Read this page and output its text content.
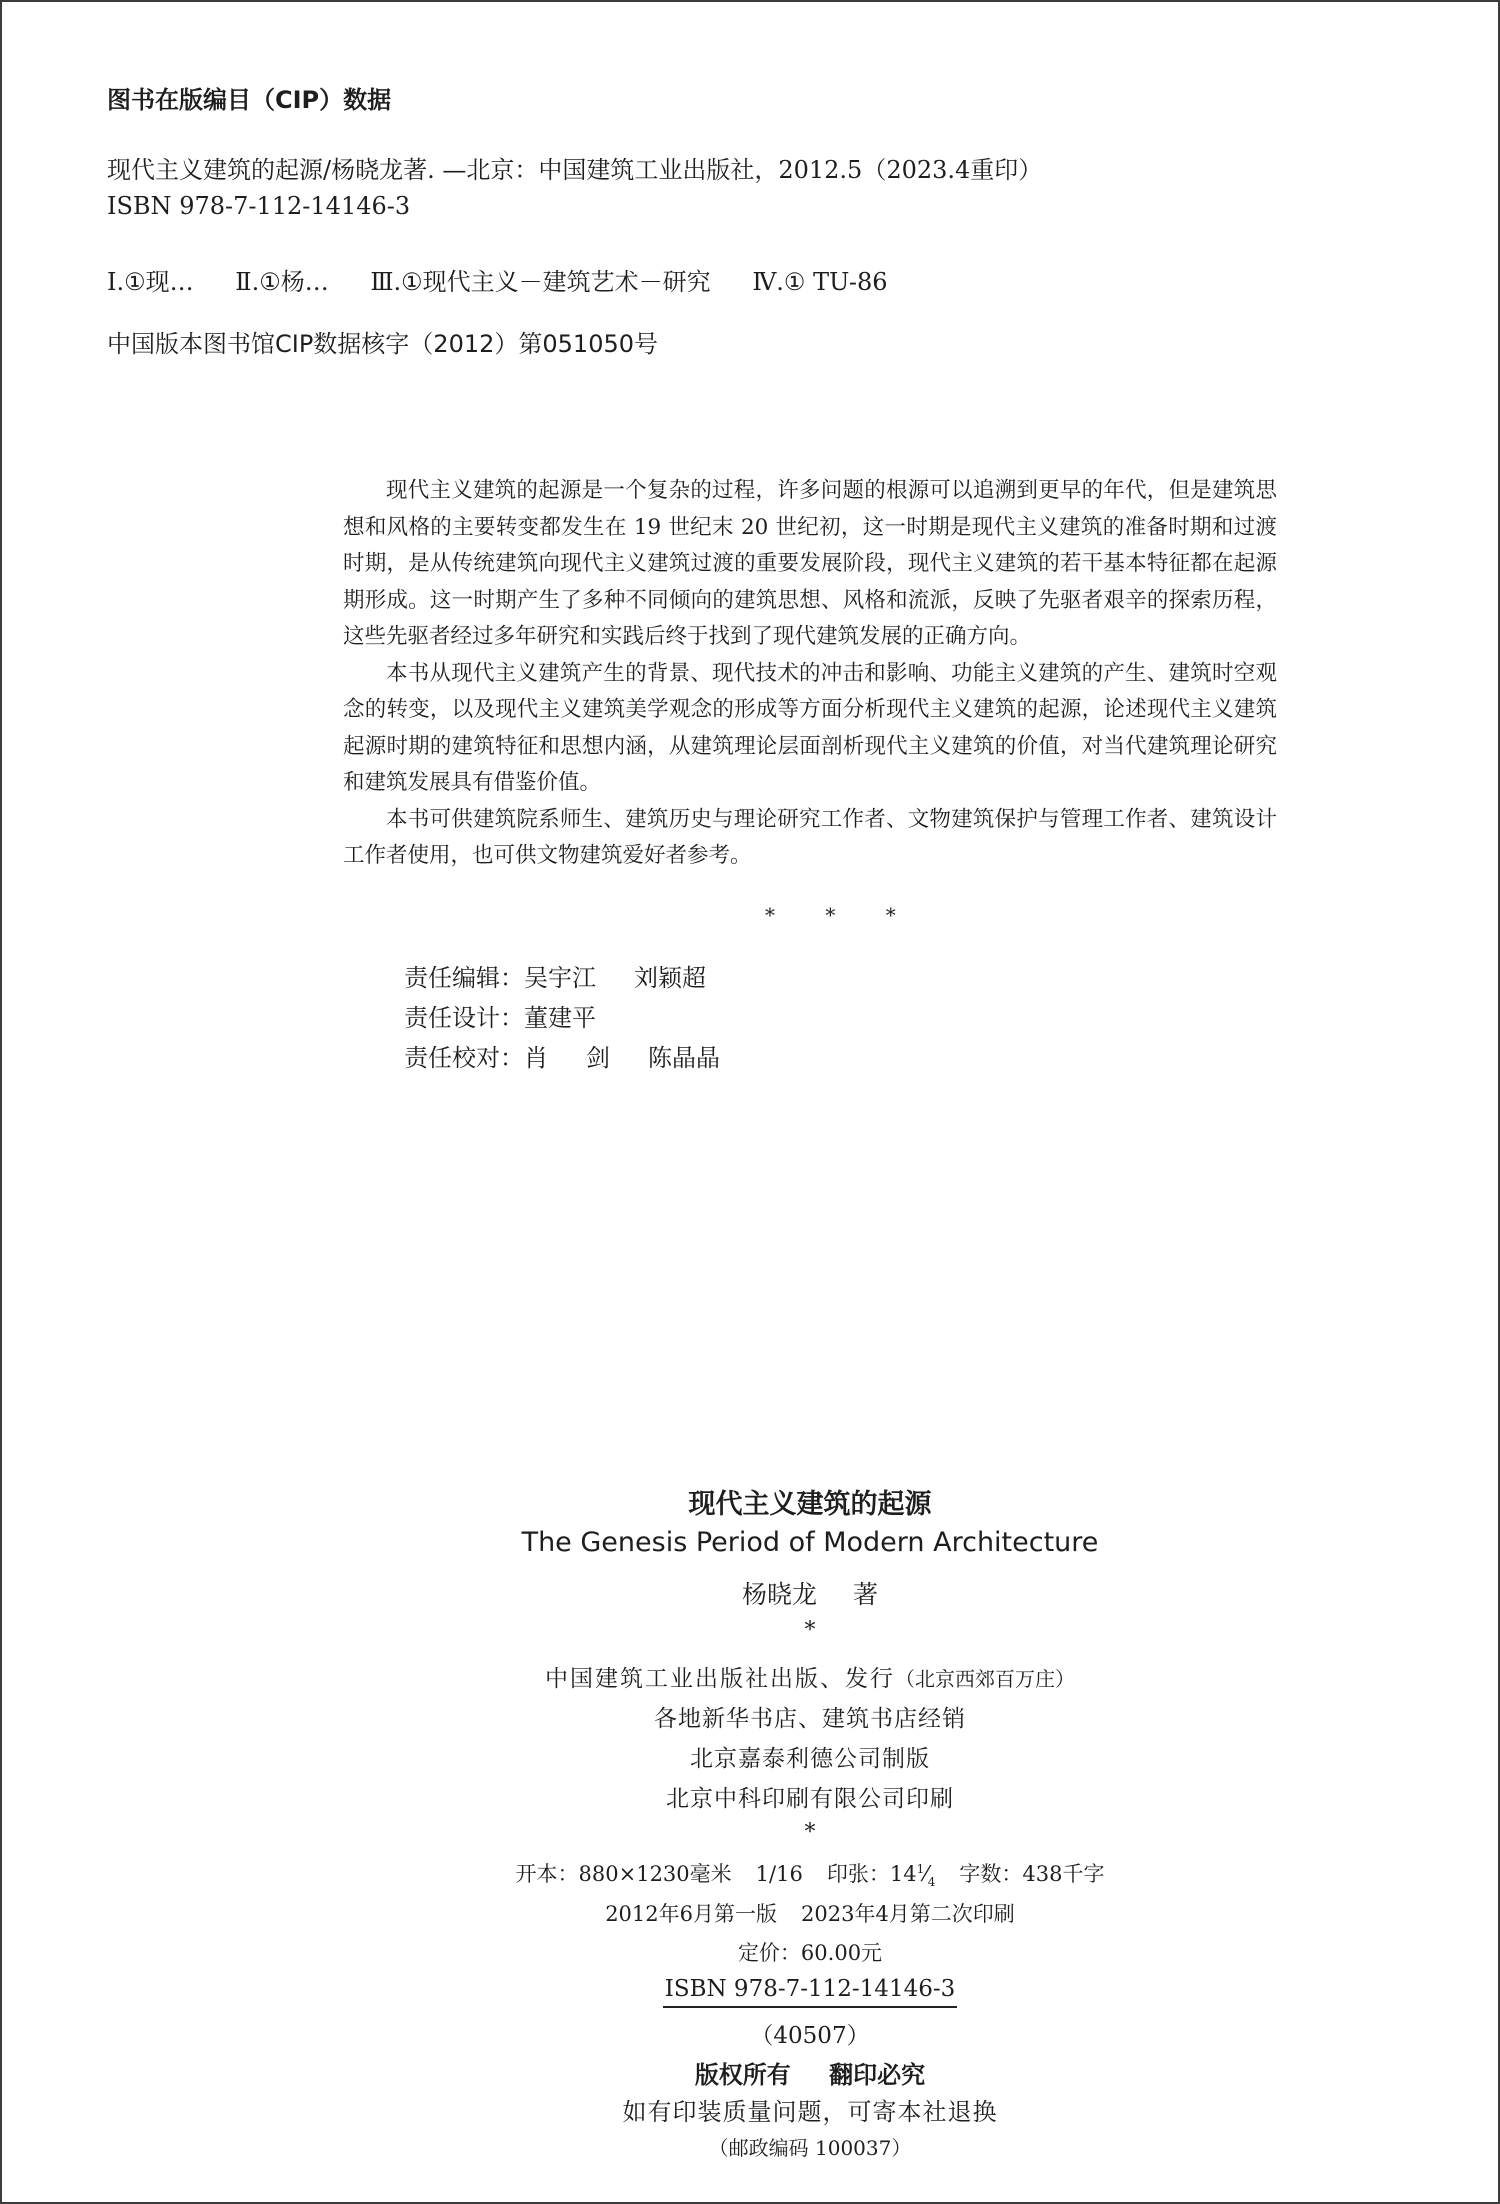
图书在版编目（CIP）数据
现代主义建筑的起源/杨晓龙著. —北京：中国建筑工业出版社，2012.5（2023.4重印）
ISBN 978-7-112-14146-3
Ⅰ.①现… Ⅱ.①杨… Ⅲ.①现代主义－建筑艺术－研究 Ⅳ.① TU-86
中国版本图书馆CIP数据核字（2012）第051050号

现代主义建筑的起源是一个复杂的过程，许多问题的根源可以追溯到更早的年代，但是建筑思想和风格的主要转变都发生在 19 世纪末 20 世纪初，这一时期是现代主义建筑的准备时期和过渡时期，是从传统建筑向现代主义建筑过渡的重要发展阶段，现代主义建筑的若干基本特征都在起源期形成。这一时期产生了多种不同倾向的建筑思想、风格和流派，反映了先驱者艰辛的探索历程，这些先驱者经过多年研究和实践后终于找到了现代建筑发展的正确方向。

本书从现代主义建筑产生的背景、现代技术的冲击和影响、功能主义建筑的产生、建筑时空观念的转变，以及现代主义建筑美学观念的形成等方面分析现代主义建筑的起源，论述现代主义建筑起源时期的建筑特征和思想内涵，从建筑理论层面剖析现代主义建筑的价值，对当代建筑理论研究和建筑发展具有借鉴价值。

本书可供建筑院系师生、建筑历史与理论研究工作者、文物建筑保护与管理工作者、建筑设计工作者使用，也可供文物建筑爱好者参考。

* * *
责任编辑：吴宇江 刘颖超
责任设计：董建平
责任校对：肖 剑 陈晶晶
现代主义建筑的起源
The Genesis Period of Modern Architecture
杨晓龙 著
*
中国建筑工业出版社出版、发行（北京西郊百万庄）
各地新华书店、建筑书店经销
北京嘉泰利德公司制版
北京中科印刷有限公司印刷
*
开本：880×1230毫米 1/16 印张：$14^1⁄_4$ 字数：438千字
2012年6月第一版 2023年4月第二次印刷
定价：60.00元
ISBN 978-7-112-14146-3
（40507）
版权所有 翻印必究
如有印装质量问题，可寄本社退换
（邮政编码 100037）
